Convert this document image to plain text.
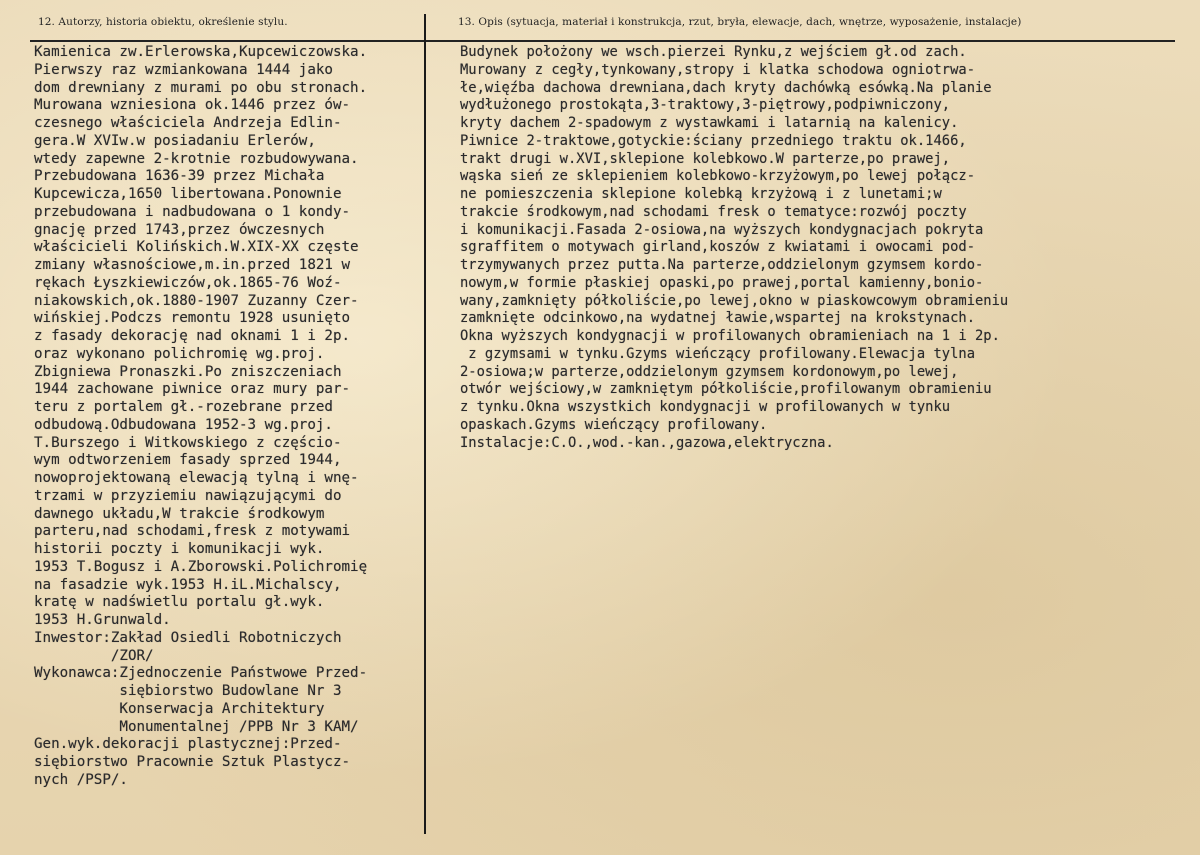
12. Autorzy, historia obiektu, określenie stylu.	13. Opis (sytuacja, materiał i konstrukcja, rzut, bryła, elewacje, dach, wnętrze, wyposażenie, instalacje)
Kamienica zw.Erlerowska,Kupcewiczowska.
Pierwszy raz wzmiankowana 1444 jako
dom drewniany z murami po obu stronach.
Murowana wzniesiona ok.1446 przez ów-
czesnego właściciela Andrzeja Edlin-
gera.W XVIw.w posiadaniu Erlerów,
wtedy zapewne 2-krotnie rozbudowywana.
Przebudowana 1636-39 przez Michała
Kupcewicza,1650 libertowana.Ponownie
przebudowana i nadbudowana o 1 kondy-
gnację przed 1743,przez ówczesnych
właścicieli Kolińskich.W.XIX-XX częste
zmiany własnościowe,m.in.przed 1821 w
rękach Łyszkiewiczów,ok.1865-76 Woź-
niakowskich,ok.1880-1907 Zuzanny Czer-
wińskiej.Podczs remontu 1928 usunięto
z fasady dekorację nad oknami 1 i 2p.
oraz wykonano polichromię wg.proj.
Zbigniewa Pronaszki.Po zniszczeniach
1944 zachowane piwnice oraz mury par-
teru z portalem gł.-rozebrane przed
odbudową.Odbudowana 1952-3 wg.proj.
T.Burszego i Witkowskiego z częścio-
wym odtworzeniem fasady sprzed 1944,
nowoprojektowaną elewacją tylną i wnę-
trzami w przyziemiu nawiązującymi do
dawnego układu,W trakcie środkowym
parteru,nad schodami,fresk z motywami
historii poczty i komunikacji wyk.
1953 T.Bogusz i A.Zborowski.Polichromię
na fasadzie wyk.1953 H.iL.Michalscy,
kratę w nadświetlu portalu gł.wyk.
1953 H.Grunwald.
Inwestor:Zakład Osiedli Robotniczych
/ZOR/
Wykonawca:Zjednoczenie Państwowe Przed-
siębiorstwo Budowlane Nr 3
Konserwacja Architektury
Monumentalnej /PPB Nr 3 KAM/
Gen.wyk.dekoracji plastycznej:Przed-
siębiorstwo Pracownie Sztuk Plastycz-
nych /PSP/.
Budynek położony we wsch.pierzei Rynku,z wejściem gł.od zach.
Murowany z cegły,tynkowany,stropy i klatka schodowa ogniotrwa-
łe,więźba dachowa drewniana,dach kryty dachówką esówką.Na planie
wydłużonego prostokąta,3-traktowy,3-piętrowy,podpiwniczony,
kryty dachem 2-spadowym z wystawkami i latarnią na kalenicy.
Piwnice 2-traktowe,gotyckie:ściany przedniego traktu ok.1466,
trakt drugi w.XVI,sklepione kolebkowo.W parterze,po prawej,
wąska sień ze sklepieniem kolebkowo-krzyżowym,po lewej połącz-
ne pomieszczenia sklepione kolebką krzyżową i z lunetami;w
trakcie środkowym,nad schodami fresk o tematyce:rozwój poczty
i komunikacji.Fasada 2-osiowa,na wyższych kondygnacjach pokryta
sgraffitem o motywach girland,koszów z kwiatami i owocami pod-
trzymywanych przez putta.Na parterze,oddzielonym gzymsem kordo-
nowym,w formie płaskiej opaski,po prawej,portal kamienny,bonio-
wany,zamknięty półkoliście,po lewej,okno w piaskowcowym obramieniu
zamknięte odcinkowo,na wydatnej ławie,wspartej na krokstynach.
Okna wyższych kondygnacji w profilowanych obramieniach na 1 i 2p.
z gzymsami w tynku.Gzyms wieńczący profilowany.Elewacja tylna
2-osiowa;w parterze,oddzielonym gzymsem kordonowym,po lewej,
otwór wejściowy,w zamkniętym półkoliście,profilowanym obramieniu
z tynku.Okna wszystkich kondygnacji w profilowanych w tynku
opaskach.Gzyms wieńczący profilowany.
Instalacje:C.O.,wod.-kan.,gazowa,elektryczna.
